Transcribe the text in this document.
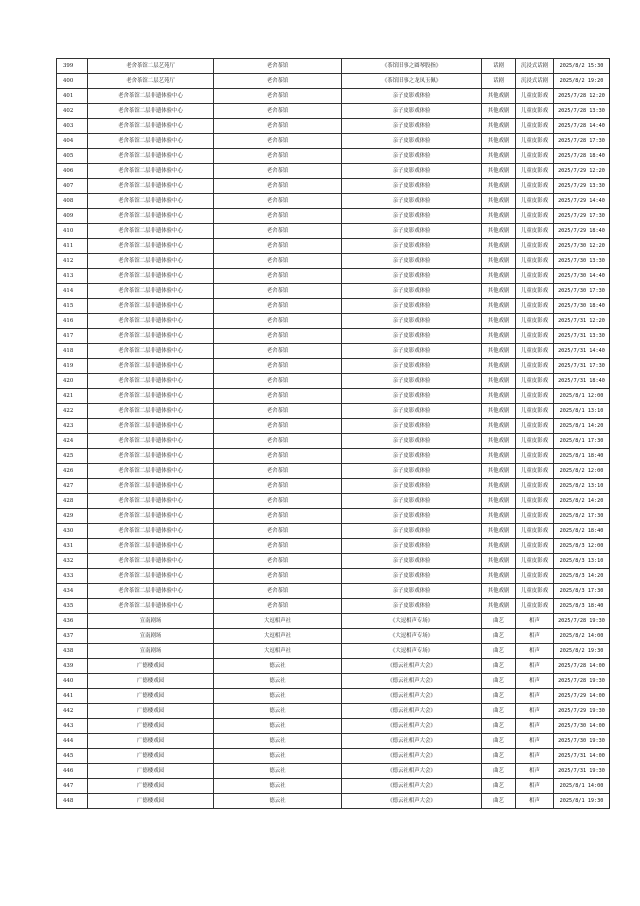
399	老舍茶馆二层艺苑厅	老舍茶馆	《茶馆旧事之圆琴股指》	话剧	沉浸式话剧	2025/8/2 15:30
400	老舍茶馆二层艺苑厅	老舍茶馆	《茶馆旧事之龙凤玉佩》	话剧	沉浸式话剧	2025/8/2 19:20
401	老舍茶馆二层非遗体验中心	老舍茶馆	亲子皮影戏体验	其他戏剧	儿童皮影戏	2025/7/28 12:20
402	老舍茶馆二层非遗体验中心	老舍茶馆	亲子皮影戏体验	其他戏剧	儿童皮影戏	2025/7/28 13:30
403	老舍茶馆二层非遗体验中心	老舍茶馆	亲子皮影戏体验	其他戏剧	儿童皮影戏	2025/7/28 14:40
404	老舍茶馆二层非遗体验中心	老舍茶馆	亲子皮影戏体验	其他戏剧	儿童皮影戏	2025/7/28 17:30
405	老舍茶馆二层非遗体验中心	老舍茶馆	亲子皮影戏体验	其他戏剧	儿童皮影戏	2025/7/28 18:40
406	老舍茶馆二层非遗体验中心	老舍茶馆	亲子皮影戏体验	其他戏剧	儿童皮影戏	2025/7/29 12:20
407	老舍茶馆二层非遗体验中心	老舍茶馆	亲子皮影戏体验	其他戏剧	儿童皮影戏	2025/7/29 13:30
408	老舍茶馆二层非遗体验中心	老舍茶馆	亲子皮影戏体验	其他戏剧	儿童皮影戏	2025/7/29 14:40
409	老舍茶馆二层非遗体验中心	老舍茶馆	亲子皮影戏体验	其他戏剧	儿童皮影戏	2025/7/29 17:30
410	老舍茶馆二层非遗体验中心	老舍茶馆	亲子皮影戏体验	其他戏剧	儿童皮影戏	2025/7/29 18:40
411	老舍茶馆二层非遗体验中心	老舍茶馆	亲子皮影戏体验	其他戏剧	儿童皮影戏	2025/7/30 12:20
412	老舍茶馆二层非遗体验中心	老舍茶馆	亲子皮影戏体验	其他戏剧	儿童皮影戏	2025/7/30 13:30
413	老舍茶馆二层非遗体验中心	老舍茶馆	亲子皮影戏体验	其他戏剧	儿童皮影戏	2025/7/30 14:40
414	老舍茶馆二层非遗体验中心	老舍茶馆	亲子皮影戏体验	其他戏剧	儿童皮影戏	2025/7/30 17:30
415	老舍茶馆二层非遗体验中心	老舍茶馆	亲子皮影戏体验	其他戏剧	儿童皮影戏	2025/7/30 18:40
416	老舍茶馆二层非遗体验中心	老舍茶馆	亲子皮影戏体验	其他戏剧	儿童皮影戏	2025/7/31 12:20
417	老舍茶馆二层非遗体验中心	老舍茶馆	亲子皮影戏体验	其他戏剧	儿童皮影戏	2025/7/31 13:30
418	老舍茶馆二层非遗体验中心	老舍茶馆	亲子皮影戏体验	其他戏剧	儿童皮影戏	2025/7/31 14:40
419	老舍茶馆二层非遗体验中心	老舍茶馆	亲子皮影戏体验	其他戏剧	儿童皮影戏	2025/7/31 17:30
420	老舍茶馆二层非遗体验中心	老舍茶馆	亲子皮影戏体验	其他戏剧	儿童皮影戏	2025/7/31 18:40
421	老舍茶馆二层非遗体验中心	老舍茶馆	亲子皮影戏体验	其他戏剧	儿童皮影戏	2025/8/1 12:00
422	老舍茶馆二层非遗体验中心	老舍茶馆	亲子皮影戏体验	其他戏剧	儿童皮影戏	2025/8/1 13:10
423	老舍茶馆二层非遗体验中心	老舍茶馆	亲子皮影戏体验	其他戏剧	儿童皮影戏	2025/8/1 14:20
424	老舍茶馆二层非遗体验中心	老舍茶馆	亲子皮影戏体验	其他戏剧	儿童皮影戏	2025/8/1 17:30
425	老舍茶馆二层非遗体验中心	老舍茶馆	亲子皮影戏体验	其他戏剧	儿童皮影戏	2025/8/1 18:40
426	老舍茶馆二层非遗体验中心	老舍茶馆	亲子皮影戏体验	其他戏剧	儿童皮影戏	2025/8/2 12:00
427	老舍茶馆二层非遗体验中心	老舍茶馆	亲子皮影戏体验	其他戏剧	儿童皮影戏	2025/8/2 13:10
428	老舍茶馆二层非遗体验中心	老舍茶馆	亲子皮影戏体验	其他戏剧	儿童皮影戏	2025/8/2 14:20
429	老舍茶馆二层非遗体验中心	老舍茶馆	亲子皮影戏体验	其他戏剧	儿童皮影戏	2025/8/2 17:30
430	老舍茶馆二层非遗体验中心	老舍茶馆	亲子皮影戏体验	其他戏剧	儿童皮影戏	2025/8/2 18:40
431	老舍茶馆二层非遗体验中心	老舍茶馆	亲子皮影戏体验	其他戏剧	儿童皮影戏	2025/8/3 12:00
432	老舍茶馆二层非遗体验中心	老舍茶馆	亲子皮影戏体验	其他戏剧	儿童皮影戏	2025/8/3 13:10
433	老舍茶馆二层非遗体验中心	老舍茶馆	亲子皮影戏体验	其他戏剧	儿童皮影戏	2025/8/3 14:20
434	老舍茶馆二层非遗体验中心	老舍茶馆	亲子皮影戏体验	其他戏剧	儿童皮影戏	2025/8/3 17:30
435	老舍茶馆二层非遗体验中心	老舍茶馆	亲子皮影戏体验	其他戏剧	儿童皮影戏	2025/8/3 18:40
436	宣南剧场	大逗相声社	《大逗相声专场》	曲艺	相声	2025/7/28 19:30
437	宣南剧场	大逗相声社	《大逗相声专场》	曲艺	相声	2025/8/2 14:00
438	宣南剧场	大逗相声社	《大逗相声专场》	曲艺	相声	2025/8/2 19:30
439	广德楼戏园	德云社	《德云社相声大会》	曲艺	相声	2025/7/28 14:00
440	广德楼戏园	德云社	《德云社相声大会》	曲艺	相声	2025/7/28 19:30
441	广德楼戏园	德云社	《德云社相声大会》	曲艺	相声	2025/7/29 14:00
442	广德楼戏园	德云社	《德云社相声大会》	曲艺	相声	2025/7/29 19:30
443	广德楼戏园	德云社	《德云社相声大会》	曲艺	相声	2025/7/30 14:00
444	广德楼戏园	德云社	《德云社相声大会》	曲艺	相声	2025/7/30 19:30
445	广德楼戏园	德云社	《德云社相声大会》	曲艺	相声	2025/7/31 14:00
446	广德楼戏园	德云社	《德云社相声大会》	曲艺	相声	2025/7/31 19:30
447	广德楼戏园	德云社	《德云社相声大会》	曲艺	相声	2025/8/1 14:00
448	广德楼戏园	德云社	《德云社相声大会》	曲艺	相声	2025/8/1 19:30
